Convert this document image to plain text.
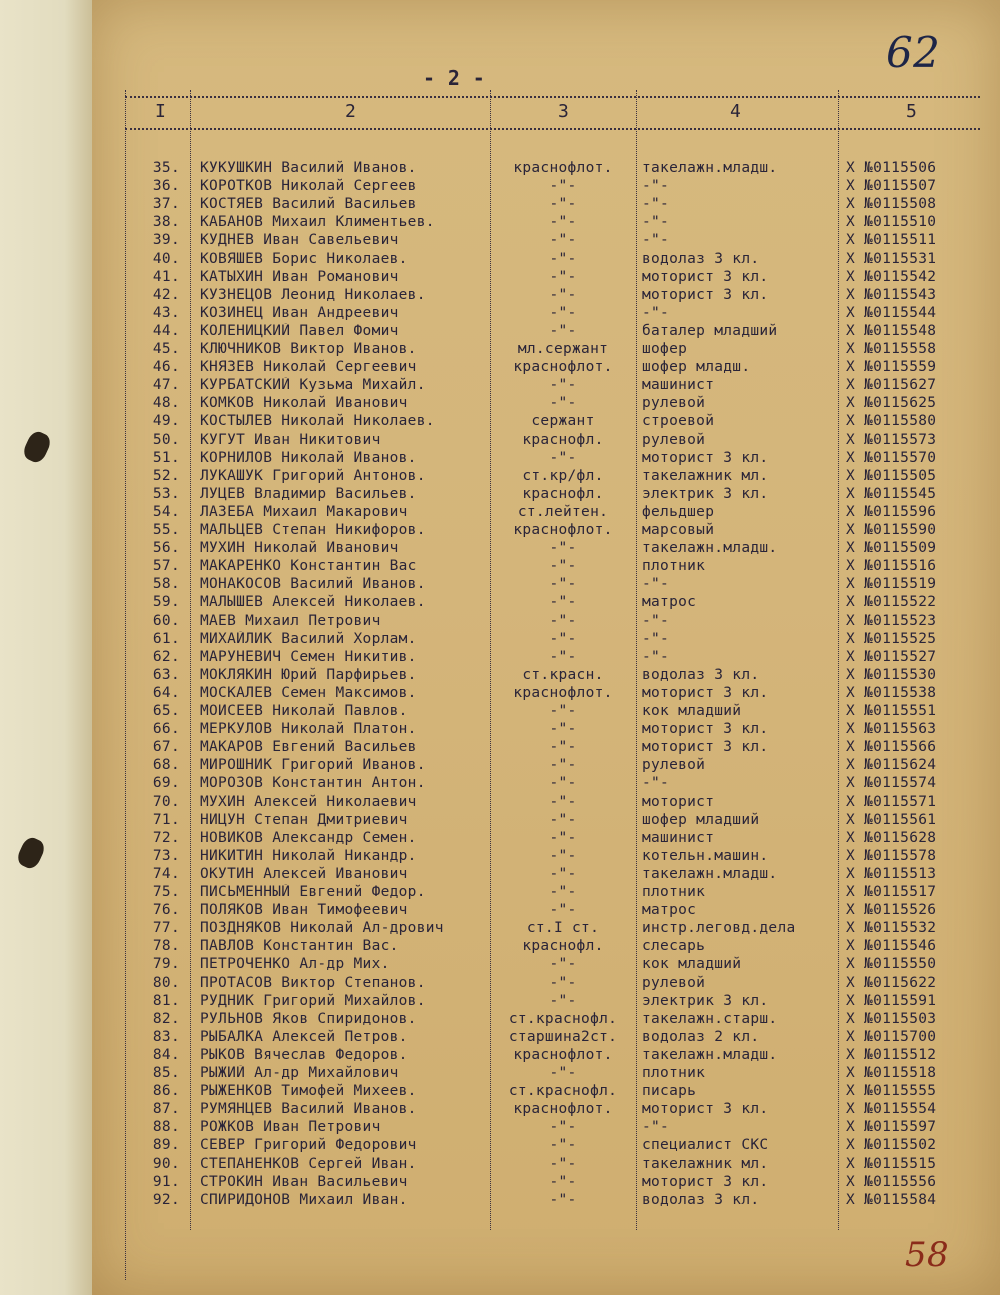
62
- 2 -
I	2	3	4	5
35. КУКУШКИН Василий Иванов.	краснофлот.	такелажн.младш.	X №0115506
36. КОРОТКОВ Николай Сергеев	-"-	-"-	X №0115507
37. КОСТЯЕВ Василий Васильев	-"-	-"-	X №0115508
38. КАБАНОВ Михаил Климентьев.	-"-	-"-	X №0115510
39. КУДНЕВ Иван Савельевич	-"-	-"-	X №0115511
40. КОВЯШЕВ Борис Николаев.	-"-	водолаз 3 кл.	X №0115531
41. КАТЫХИН Иван Романович	-"-	моторист 3 кл.	X №0115542
42. КУЗНЕЦОВ Леонид Николаев.	-"-	моторист 3 кл.	X №0115543
43. КОЗИНЕЦ Иван Андреевич	-"-	-"-	X №0115544
44. КОЛЕНИЦКИЙ Павел Фомич	-"-	баталер младший	X №0115548
45. КЛЮЧНИКОВ Виктор Иванов.	мл.сержант	шофер	X №0115558
46. КНЯЗЕВ Николай Сергеевич	краснофлот.	шофер младш.	X №0115559
47. КУРБАТСКИЙ Кузьма Михайл.	-"-	машинист	X №0115627
48. КОМКОВ Николай Иванович	-"-	рулевой	X №0115625
49. КОСТЫЛЕВ Николай Николаев.	сержант	строевой	X №0115580
50. КУГУТ Иван Никитович	краснофл.	рулевой	X №0115573
51. КОРНИЛОВ Николай Иванов.	-"-	моторист 3 кл.	X №0115570
52. ЛУКАШУК Григорий Антонов.	ст.кр/фл.	такелажник мл.	X №0115505
53. ЛУЦЕВ Владимир Васильев.	краснофл.	электрик 3 кл.	X №0115545
54. ЛАЗЕБА Михаил Макарович	ст.лейтен.	фельдшер	X №0115596
55. МАЛЬЦЕВ Степан Никифоров.	краснофлот.	марсовый	X №0115590
56. МУХИН Николай Иванович	-"-	такелажн.младш.	X №0115509
57. МАКАРЕНКО Константин Вас	-"-	плотник	X №0115516
58. МОНАКОСОВ Василий Иванов.	-"-	-"-	X №0115519
59. МАЛЫШЕВ Алексей Николаев.	-"-	матрос	X №0115522
60. МАЕВ Михаил Петрович	-"-	-"-	X №0115523
61. МИХАЙЛИК Василий Хорлам.	-"-	-"-	X №0115525
62. МАРУНЕВИЧ Семен Никитив.	-"-	-"-	X №0115527
63. МОКЛЯКИН Юрий Парфирьев.	ст.красн.	водолаз 3 кл.	X №0115530
64. МОСКАЛЕВ Семен Максимов.	краснофлот.	моторист 3 кл.	X №0115538
65. МОИСЕЕВ Николай Павлов.	-"-	кок младший	X №0115551
66. МЕРКУЛОВ Николай Платон.	-"-	моторист 3 кл.	X №0115563
67. МАКАРОВ Евгений Васильев	-"-	моторист 3 кл.	X №0115566
68. МИРОШНИК Григорий Иванов.	-"-	рулевой	X №0115624
69. МОРОЗОВ Константин Антон.	-"-	-"-	X №0115574
70. МУХИН Алексей Николаевич	-"-	моторист	X №0115571
71. НИЦУН Степан Дмитриевич	-"-	шофер младший	X №0115561
72. НОВИКОВ Александр Семен.	-"-	машинист	X №0115628
73. НИКИТИН Николай Никандр.	-"-	котельн.машин.	X №0115578
74. ОКУТИН Алексей Иванович	-"-	такелажн.младш.	X №0115513
75. ПИСЬМЕННЫЙ Евгений Федор.	-"-	плотник	X №0115517
76. ПОЛЯКОВ Иван Тимофеевич	-"-	матрос	X №0115526
77. ПОЗДНЯКОВ Николай Ал-дрович	ст.I ст.	инстр.леговд.дела	X №0115532
78. ПАВЛОВ Константин Вас.	краснофл.	слесарь	X №0115546
79. ПЕТРОЧЕНКО Ал-др Мих.	-"-	кок младший	X №0115550
80. ПРОТАСОВ Виктор Степанов.	-"-	рулевой	X №0115622
81. РУДНИК Григорий Михайлов.	-"-	электрик 3 кл.	X №0115591
82. РУЛЬНОВ Яков Спиридонов.	ст.краснофл.	такелажн.старш.	X №0115503
83. РЫБАЛКА Алексей Петров.	старшина2ст.	водолаз 2 кл.	X №0115700
84. РЫКОВ Вячеслав Федоров.	краснофлот.	такелажн.младш.	X №0115512
85. РЫЖИЙ Ал-др Михайлович	-"-	плотник	X №0115518
86. РЫЖЕНКОВ Тимофей Михеев.	ст.краснофл.	писарь	X №0115555
87. РУМЯНЦЕВ Василий Иванов.	краснофлот.	моторист 3 кл.	X №0115554
88. РОЖКОВ Иван Петрович	-"-	-"-	X №0115597
89. СЕВЕР Григорий Федорович	-"-	специалист СКС	X №0115502
90. СТЕПАНЕНКОВ Сергей Иван.	-"-	такелажник мл.	X №0115515
91. СТРОКИН Иван Васильевич	-"-	моторист 3 кл.	X №0115556
92. СПИРИДОНОВ Михаил Иван.	-"-	водолаз 3 кл.	X №0115584
58
